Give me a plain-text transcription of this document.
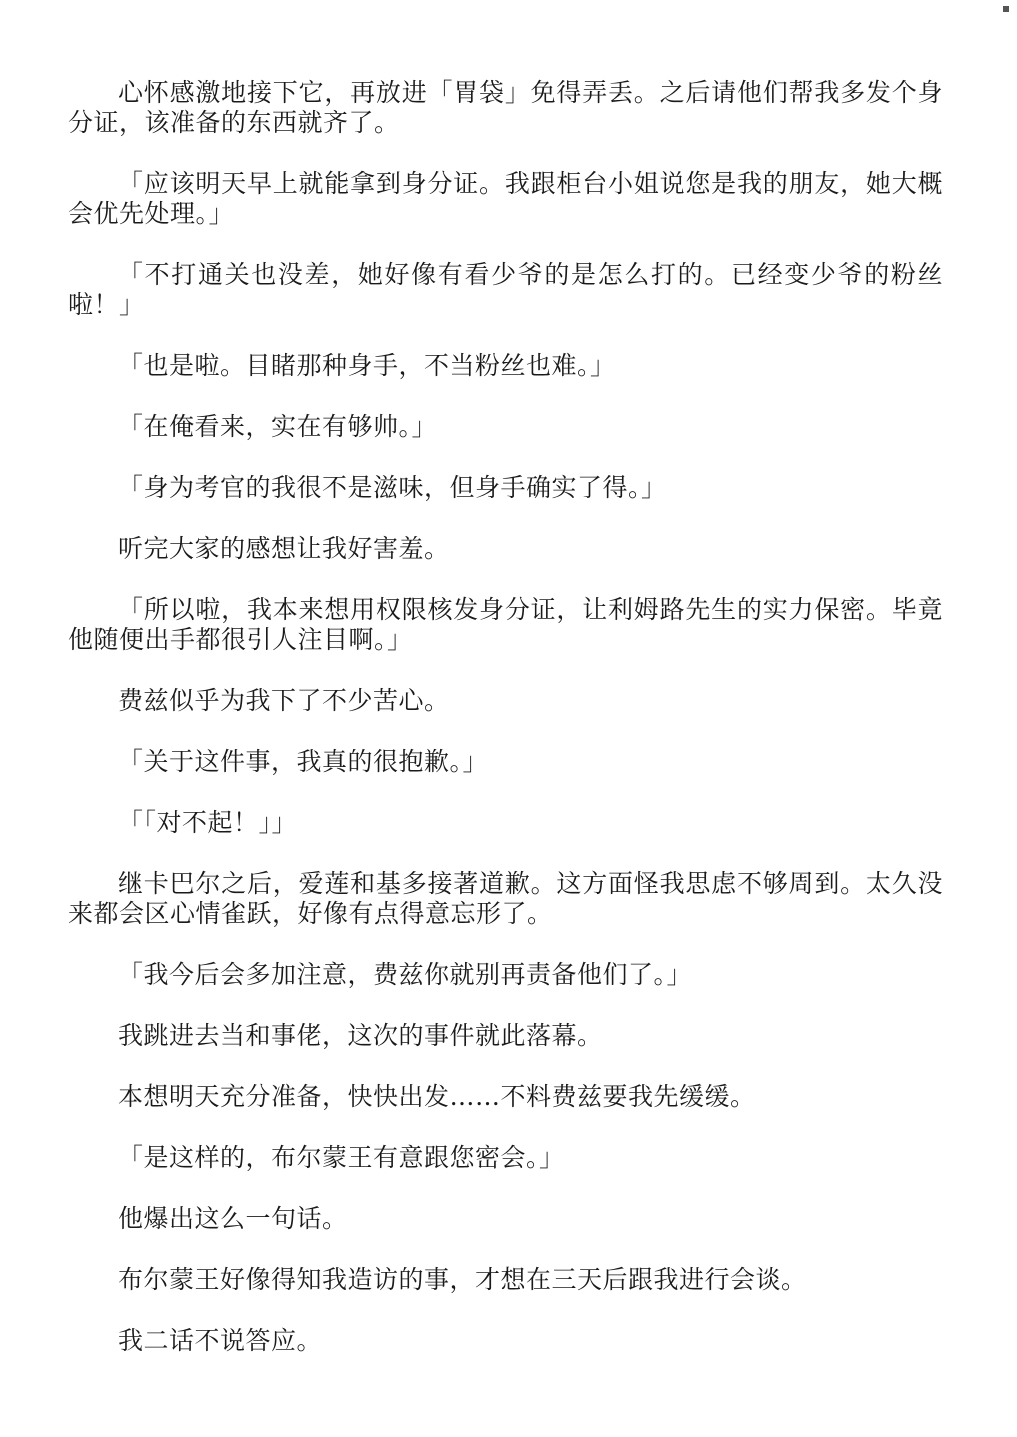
心怀感激地接下它，再放进「胃袋」免得弄丢。之后请他们帮我多发个身分证，该准备的东西就齐了。

「应该明天早上就能拿到身分证。我跟柜台小姐说您是我的朋友，她大概会优先处理。」

「不打通关也没差，她好像有看少爷的是怎么打的。已经变少爷的粉丝啦！」

「也是啦。目睹那种身手，不当粉丝也难。」

「在俺看来，实在有够帅。」

「身为考官的我很不是滋味，但身手确实了得。」

听完大家的感想让我好害羞。

「所以啦，我本来想用权限核发身分证，让利姆路先生的实力保密。毕竟他随便出手都很引人注目啊。」

费兹似乎为我下了不少苦心。

「关于这件事，我真的很抱歉。」

「「对不起！」」

继卡巴尔之后，爱莲和基多接著道歉。这方面怪我思虑不够周到。太久没来都会区心情雀跃，好像有点得意忘形了。

「我今后会多加注意，费兹你就别再责备他们了。」

我跳进去当和事佬，这次的事件就此落幕。

本想明天充分准备，快快出发……不料费兹要我先缓缓。

「是这样的，布尔蒙王有意跟您密会。」

他爆出这么一句话。

布尔蒙王好像得知我造访的事，才想在三天后跟我进行会谈。

我二话不说答应。
